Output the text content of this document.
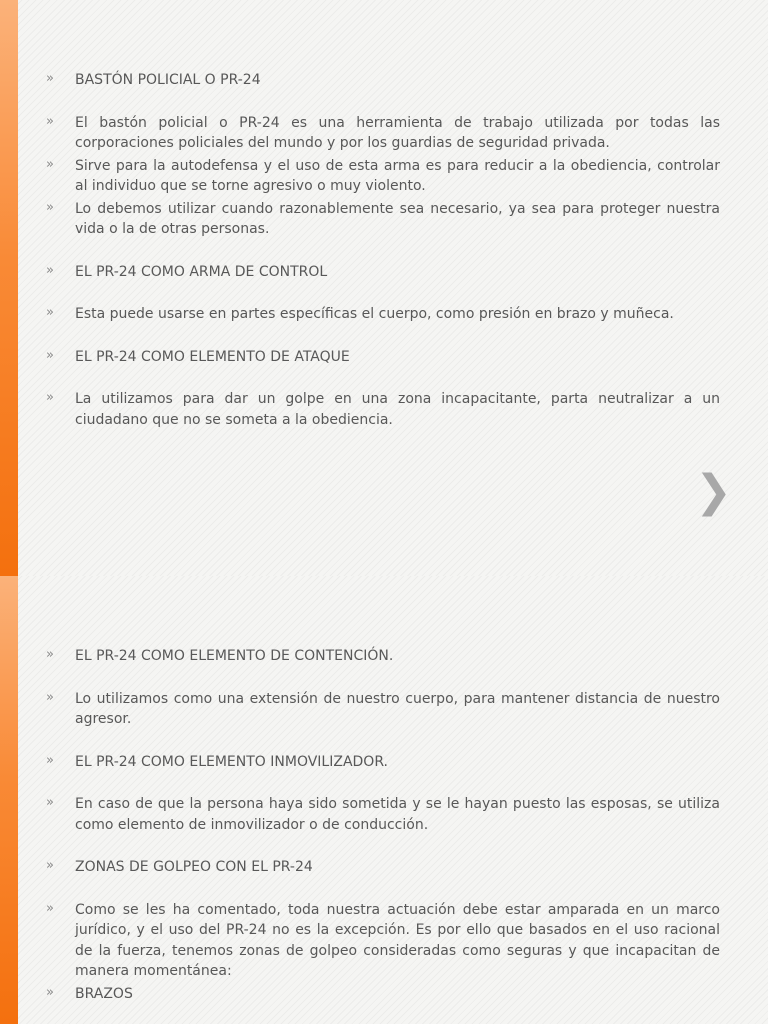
» BASTÓN POLICIAL O PR-24
» El bastón policial o PR-24 es una herramienta de trabajo utilizada por todas las corporaciones policiales del mundo y por los guardias de seguridad privada.
» Sirve para la autodefensa y el uso de esta arma es para reducir a la obediencia, controlar al individuo que se torne agresivo o muy violento.
» Lo debemos utilizar cuando razonablemente sea necesario, ya sea para proteger nuestra vida o la de otras personas.
» EL PR-24 COMO ARMA DE CONTROL
» Esta puede usarse en partes específicas el cuerpo, como presión en brazo y muñeca.
» EL PR-24 COMO ELEMENTO DE ATAQUE
» La utilizamos para dar un golpe en una zona incapacitante, parta neutralizar a un ciudadano que no se someta a la obediencia.
❯
» EL PR-24 COMO ELEMENTO DE CONTENCIÓN.
» Lo utilizamos como una extensión de nuestro cuerpo, para mantener distancia de nuestro agresor.
» EL PR-24 COMO ELEMENTO INMOVILIZADOR.
» En caso de que la persona haya sido sometida y se le hayan puesto las esposas, se utiliza como elemento de inmovilizador o de conducción.
» ZONAS DE GOLPEO CON EL PR-24
» Como se les ha comentado, toda nuestra actuación debe estar amparada en un marco jurídico, y el uso del PR-24 no es la excepción. Es por ello que basados en el uso racional de la fuerza, tenemos zonas de golpeo consideradas como seguras y que incapacitan de manera momentánea:
» BRAZOS
